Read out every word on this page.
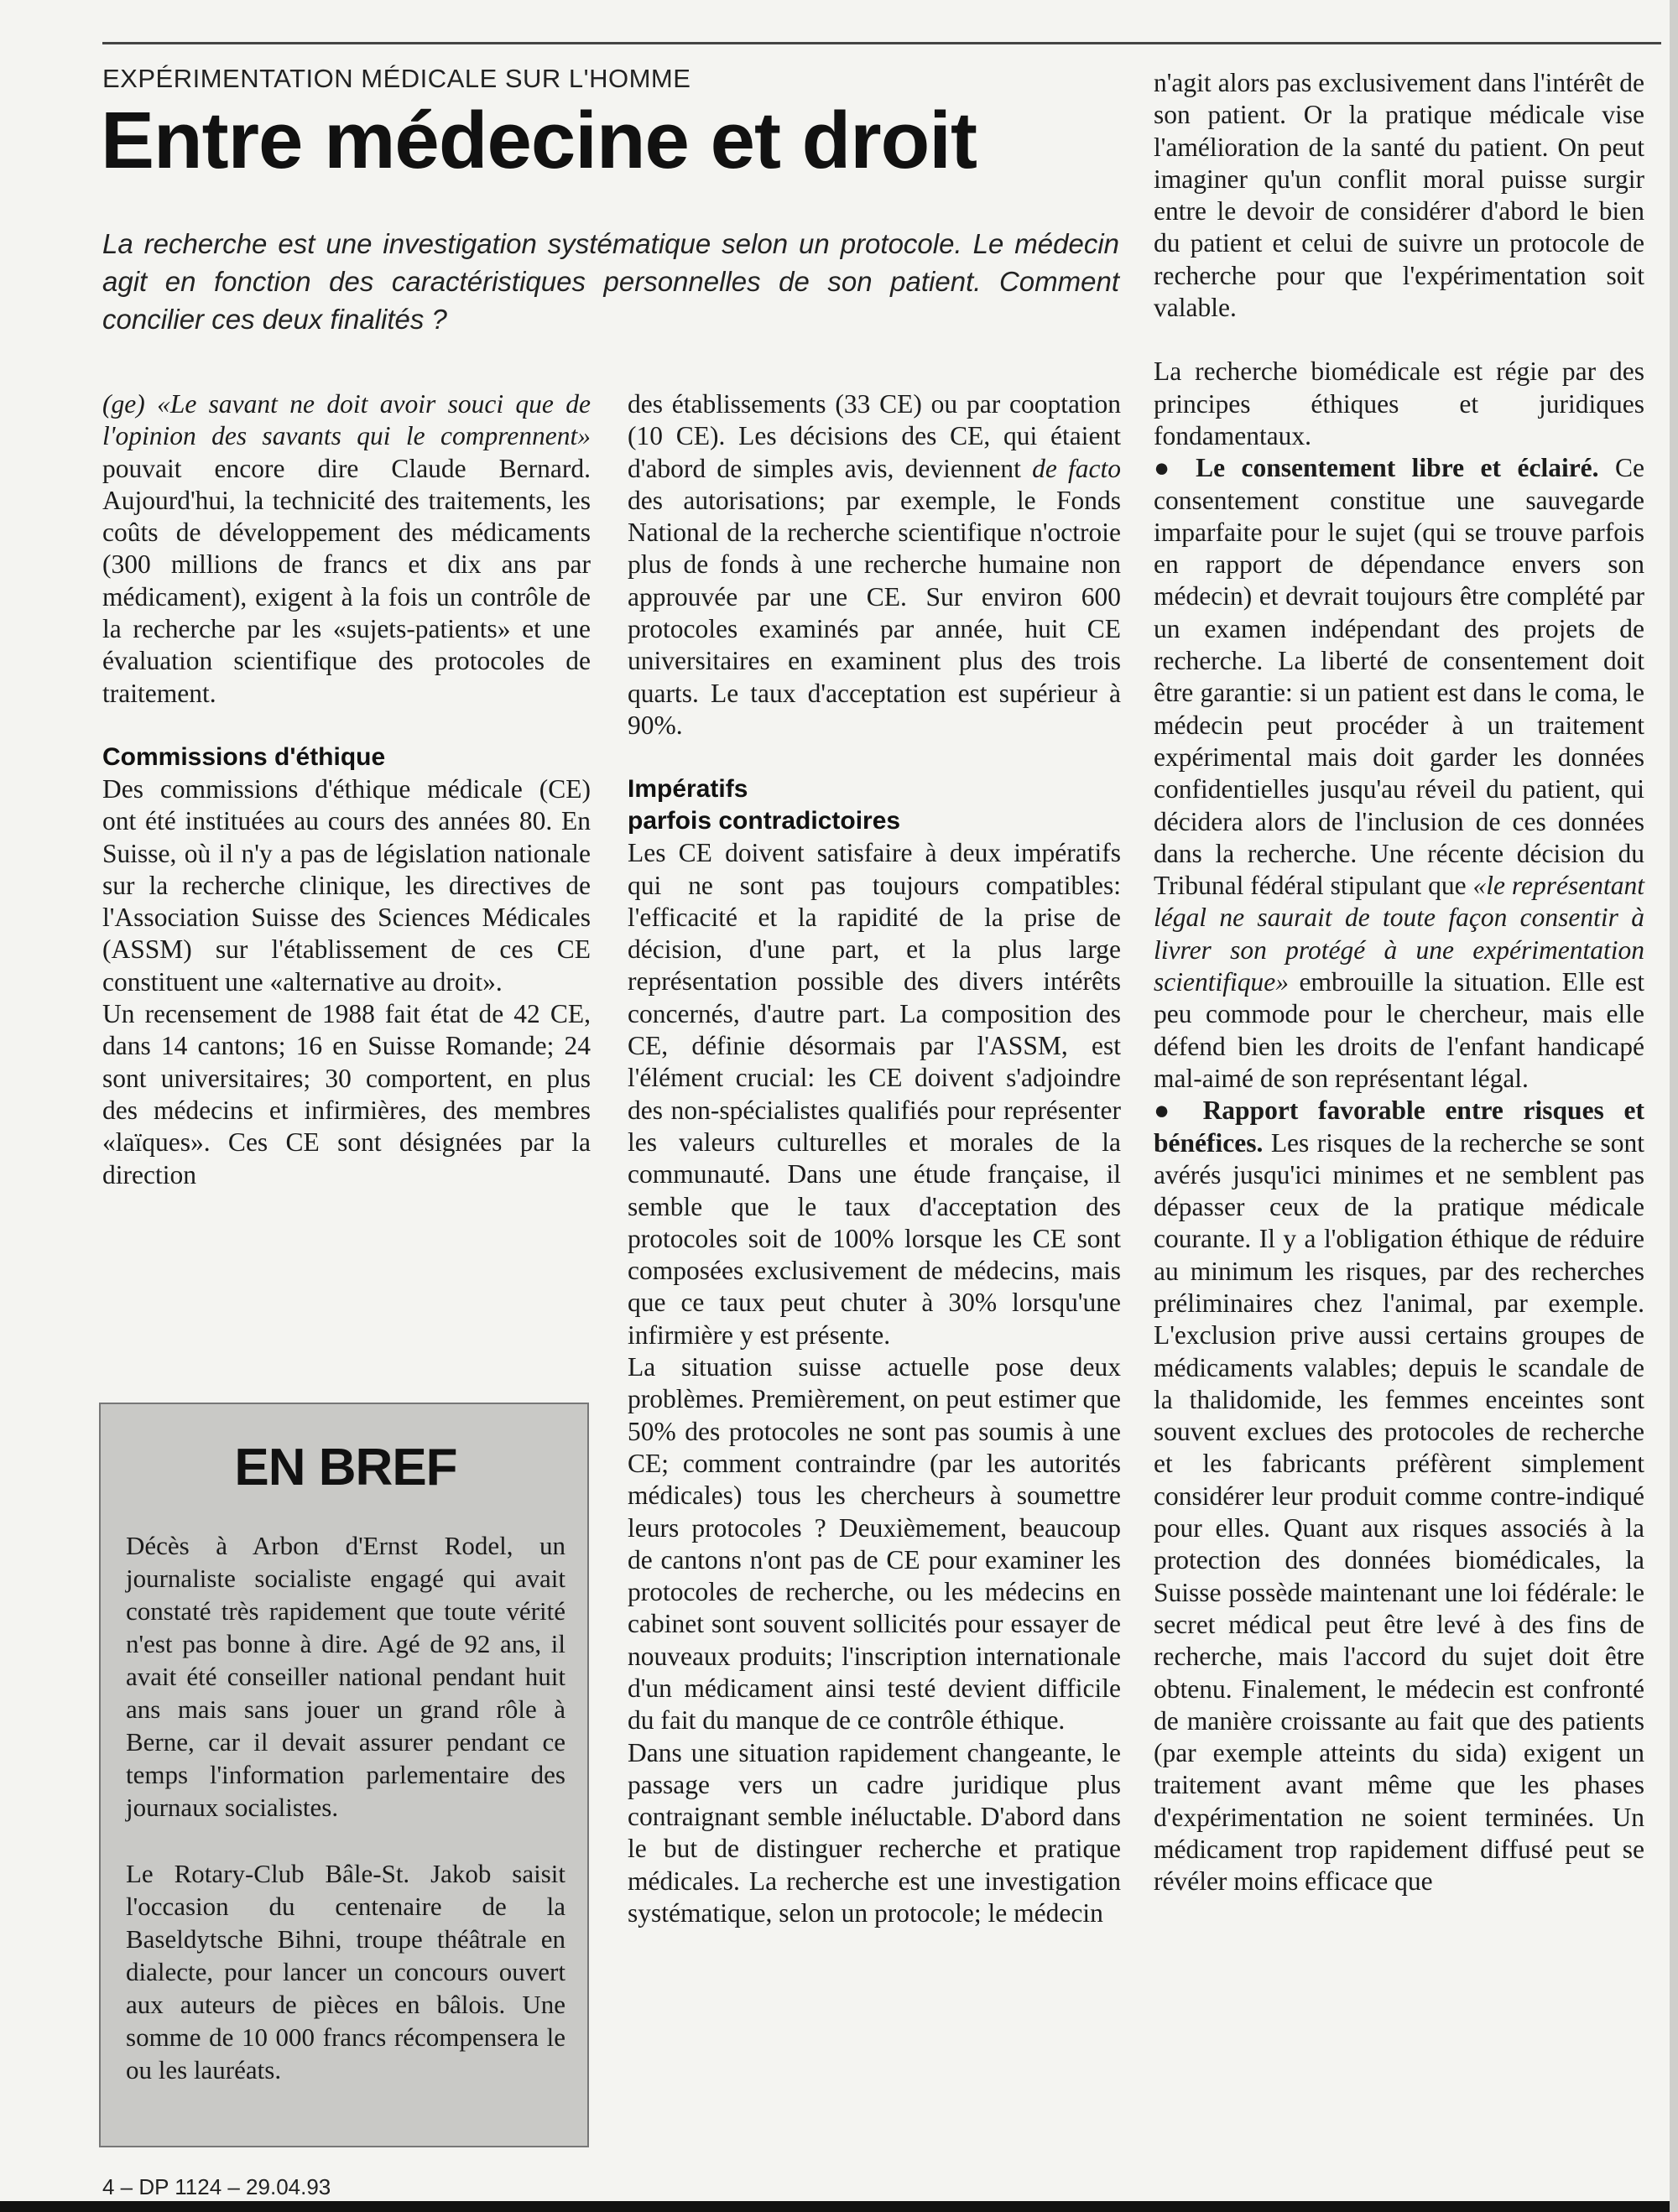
EXPÉRIMENTATION MÉDICALE SUR L'HOMME
Entre médecine et droit
La recherche est une investigation systématique selon un protocole. Le médecin agit en fonction des caractéristiques personnelles de son patient. Comment concilier ces deux finalités ?

(ge) «Le savant ne doit avoir souci que de l'opinion des savants qui le comprennent» pouvait encore dire Claude Bernard. Aujourd'hui, la technicité des traitements, les coûts de développement des médicaments (300 millions de francs et dix ans par médicament), exigent à la fois un contrôle de la recherche par les «sujets-patients» et une évaluation scientifique des protocoles de traitement.

Commissions d'éthique

Des commissions d'éthique médicale (CE) ont été instituées au cours des années 80. En Suisse, où il n'y a pas de législation nationale sur la recherche clinique, les directives de l'Association Suisse des Sciences Médicales (ASSM) sur l'établissement de ces CE constituent une «alternative au droit».

Un recensement de 1988 fait état de 42 CE, dans 14 cantons; 16 en Suisse Romande; 24 sont universitaires; 30 comportent, en plus des médecins et infirmières, des membres «laïques». Ces CE sont désignées par la direction

des établissements (33 CE) ou par cooptation (10 CE). Les décisions des CE, qui étaient d'abord de simples avis, deviennent de facto des autorisations; par exemple, le Fonds National de la recherche scientifique n'octroie plus de fonds à une recherche humaine non approuvée par une CE. Sur environ 600 protocoles examinés par année, huit CE universitaires en examinent plus des trois quarts. Le taux d'acceptation est supérieur à 90%.

Impératifs
parfois contradictoires

Les CE doivent satisfaire à deux impératifs qui ne sont pas toujours compatibles: l'efficacité et la rapidité de la prise de décision, d'une part, et la plus large représentation possible des divers intérêts concernés, d'autre part. La composition des CE, définie désormais par l'ASSM, est l'élément crucial: les CE doivent s'adjoindre des non-spécialistes qualifiés pour représenter les valeurs culturelles et morales de la communauté. Dans une étude française, il semble que le taux d'acceptation des protocoles soit de 100% lorsque les CE sont composées exclusivement de médecins, mais que ce taux peut chuter à 30% lorsqu'une infirmière y est présente.

La situation suisse actuelle pose deux problèmes. Premièrement, on peut estimer que 50% des protocoles ne sont pas soumis à une CE; comment contraindre (par les autorités médicales) tous les chercheurs à soumettre leurs protocoles ? Deuxièmement, beaucoup de cantons n'ont pas de CE pour examiner les protocoles de recherche, ou les médecins en cabinet sont souvent sollicités pour essayer de nouveaux produits; l'inscription internationale d'un médicament ainsi testé devient difficile du fait du manque de ce contrôle éthique.

Dans une situation rapidement changeante, le passage vers un cadre juridique plus contraignant semble inéluctable. D'abord dans le but de distinguer recherche et pratique médicales. La recherche est une investigation systématique, selon un protocole; le médecin

n'agit alors pas exclusivement dans l'intérêt de son patient. Or la pratique médicale vise l'amélioration de la santé du patient. On peut imaginer qu'un conflit moral puisse surgir entre le devoir de considérer d'abord le bien du patient et celui de suivre un protocole de recherche pour que l'expérimentation soit valable.

La recherche biomédicale est régie par des principes éthiques et juridiques fondamentaux.

● Le consentement libre et éclairé. Ce consentement constitue une sauvegarde imparfaite pour le sujet (qui se trouve parfois en rapport de dépendance envers son médecin) et devrait toujours être complété par un examen indépendant des projets de recherche. La liberté de consentement doit être garantie: si un patient est dans le coma, le médecin peut procéder à un traitement expérimental mais doit garder les données confidentielles jusqu'au réveil du patient, qui décidera alors de l'inclusion de ces données dans la recherche. Une récente décision du Tribunal fédéral stipulant que «le représentant légal ne saurait de toute façon consentir à livrer son protégé à une expérimentation scientifique» embrouille la situation. Elle est peu commode pour le chercheur, mais elle défend bien les droits de l'enfant handicapé mal-aimé de son représentant légal.

● Rapport favorable entre risques et bénéfices. Les risques de la recherche se sont avérés jusqu'ici minimes et ne semblent pas dépasser ceux de la pratique médicale courante. Il y a l'obligation éthique de réduire au minimum les risques, par des recherches préliminaires chez l'animal, par exemple. L'exclusion prive aussi certains groupes de médicaments valables; depuis le scandale de la thalidomide, les femmes enceintes sont souvent exclues des protocoles de recherche et les fabricants préfèrent simplement considérer leur produit comme contre-indiqué pour elles. Quant aux risques associés à la protection des données biomédicales, la Suisse possède maintenant une loi fédérale: le secret médical peut être levé à des fins de recherche, mais l'accord du sujet doit être obtenu. Finalement, le médecin est confronté de manière croissante au fait que des patients (par exemple atteints du sida) exigent un traitement avant même que les phases d'expérimentation ne soient terminées. Un médicament trop rapidement diffusé peut se révéler moins efficace que

EN BREF

Décès à Arbon d'Ernst Rodel, un journaliste socialiste engagé qui avait constaté très rapidement que toute vérité n'est pas bonne à dire. Agé de 92 ans, il avait été conseiller national pendant huit ans mais sans jouer un grand rôle à Berne, car il devait assurer pendant ce temps l'information parlementaire des journaux socialistes.

Le Rotary-Club Bâle-St. Jakob saisit l'occasion du centenaire de la Baseldytsche Bihni, troupe théâtrale en dialecte, pour lancer un concours ouvert aux auteurs de pièces en bâlois. Une somme de 10 000 francs récompensera le ou les lauréats.

4 – DP 1124 – 29.04.93
